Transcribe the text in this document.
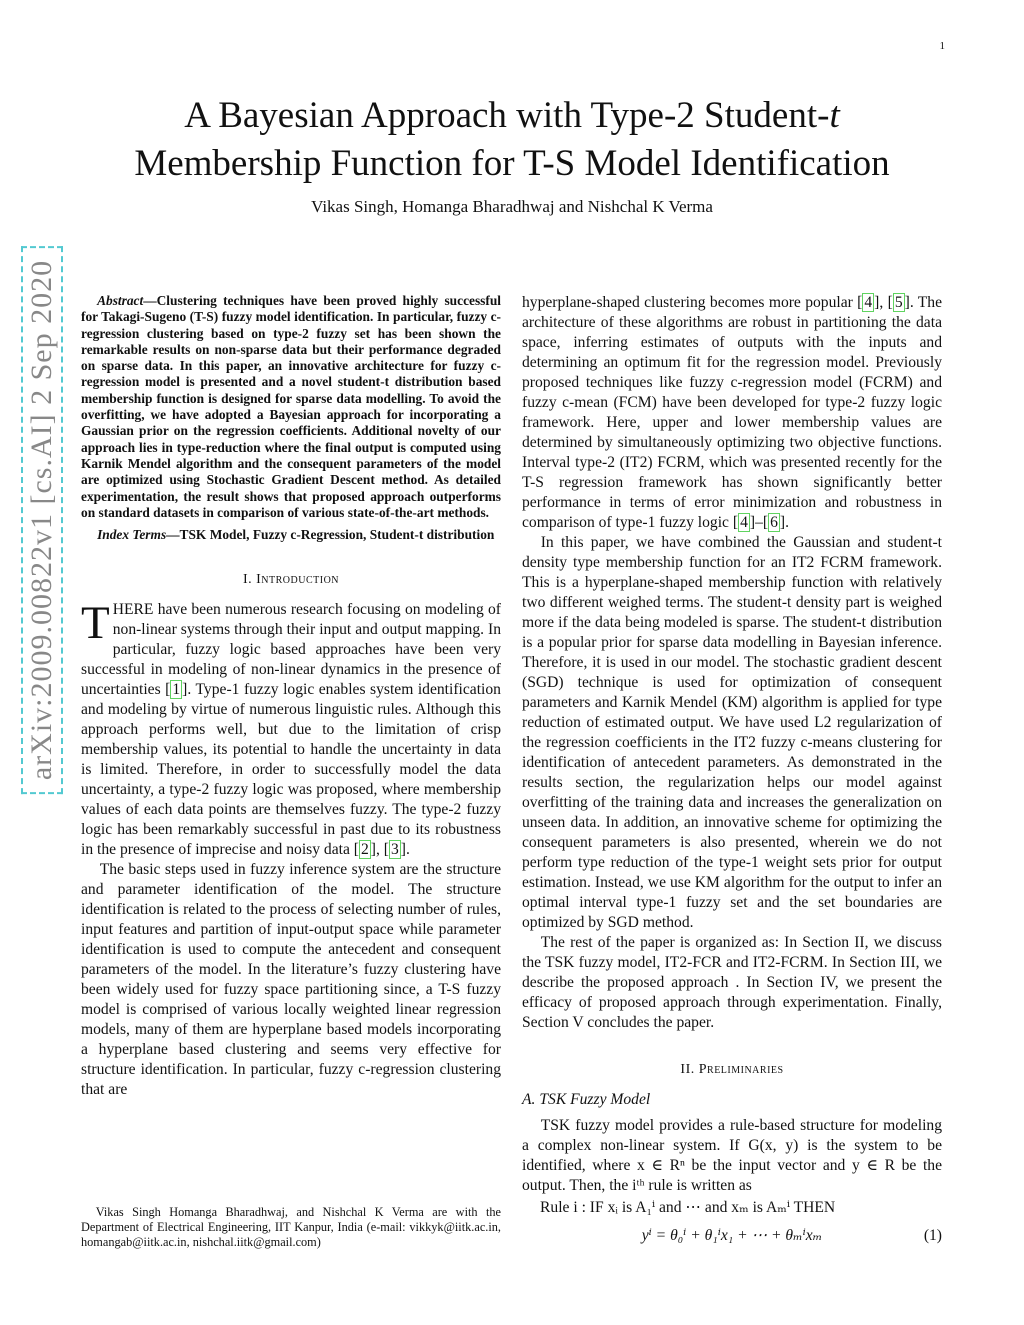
1
arXiv:2009.00822v1 [cs.AI] 2 Sep 2020
A Bayesian Approach with Type-2 Student-t
Membership Function for T-S Model Identification
Vikas Singh, Homanga Bharadhwaj and Nishchal K Verma

Abstract—Clustering techniques have been proved highly successful for Takagi-Sugeno (T-S) fuzzy model identification. In particular, fuzzy c-regression clustering based on type-2 fuzzy set has been shown the remarkable results on non-sparse data but their performance degraded on sparse data. In this paper, an innovative architecture for fuzzy c-regression model is presented and a novel student-t distribution based membership function is designed for sparse data modelling. To avoid the overfitting, we have adopted a Bayesian approach for incorporating a Gaussian prior on the regression coefficients. Additional novelty of our approach lies in type-reduction where the final output is computed using Karnik Mendel algorithm and the consequent parameters of the model are optimized using Stochastic Gradient Descent method. As detailed experimentation, the result shows that proposed approach outperforms on standard datasets in comparison of various state-of-the-art methods.

Index Terms—TSK Model, Fuzzy c-Regression, Student-t distribution

I. Introduction

THERE have been numerous research focusing on modeling of non-linear systems through their input and output mapping. In particular, fuzzy logic based approaches have been very successful in modeling of non-linear dynamics in the presence of uncertainties [ 1 ]. Type-1 fuzzy logic enables system identification and modeling by virtue of numerous linguistic rules. Although this approach performs well, but due to the limitation of crisp membership values, its potential to handle the uncertainty in data is limited. Therefore, in order to successfully model the data uncertainty, a type-2 fuzzy logic was proposed, where membership values of each data points are themselves fuzzy. The type-2 fuzzy logic has been remarkably successful in past due to its robustness in the presence of imprecise and noisy data [ 2 ], [ 3 ].

The basic steps used in fuzzy inference system are the structure and parameter identification of the model. The structure identification is related to the process of selecting number of rules, input features and partition of input-output space while parameter identification is used to compute the antecedent and consequent parameters of the model. In the literature’s fuzzy clustering have been widely used for fuzzy space partitioning since, a T-S fuzzy model is comprised of various locally weighted linear regression models, many of them are hyperplane based models incorporating a hyperplane based clustering and seems very effective for structure identification. In particular, fuzzy c-regression clustering that are

Vikas Singh Homanga Bharadhwaj, and Nishchal K Verma are with the Department of Electrical Engineering, IIT Kanpur, India (e-mail: vikkyk@iitk.ac.in, homangab@iitk.ac.in, nishchal.iitk@gmail.com)

hyperplane-shaped clustering becomes more popular [ 4 ], [ 5 ]. The architecture of these algorithms are robust in partitioning the data space, inferring estimates of outputs with the inputs and determining an optimum fit for the regression model. Previously proposed techniques like fuzzy c-regression model (FCRM) and fuzzy c-mean (FCM) have been developed for type-2 fuzzy logic framework. Here, upper and lower membership values are determined by simultaneously optimizing two objective functions. Interval type-2 (IT2) FCRM, which was presented recently for the T-S regression framework has shown significantly better performance in terms of error minimization and robustness in comparison of type-1 fuzzy logic [ 4 ]–[ 6 ].

In this paper, we have combined the Gaussian and student-t density type membership function for an IT2 FCRM framework. This is a hyperplane-shaped membership function with relatively two different weighed terms. The student-t density part is weighed more if the data being modeled is sparse. The student-t distribution is a popular prior for sparse data modelling in Bayesian inference. Therefore, it is used in our model. The stochastic gradient descent (SGD) technique is used for optimization of consequent parameters and Karnik Mendel (KM) algorithm is applied for type reduction of estimated output. We have used L2 regularization of the regression coefficients in the IT2 fuzzy c-means clustering for identification of antecedent parameters. As demonstrated in the results section, the regularization helps our model against overfitting of the training data and increases the generalization on unseen data. In addition, an innovative scheme for optimizing the consequent parameters is also presented, wherein we do not perform type reduction of the type-1 weight sets prior for output estimation. Instead, we use KM algorithm for the output to infer an optimal interval type-1 fuzzy set and the set boundaries are optimized by SGD method.

The rest of the paper is organized as: In Section II, we discuss the TSK fuzzy model, IT2-FCR and IT2-FCRM. In Section III, we describe the proposed approach . In Section IV, we present the efficacy of proposed approach through experimentation. Finally, Section V concludes the paper.

II. Preliminaries
A. TSK Fuzzy Model

TSK fuzzy model provides a rule-based structure for modeling a complex non-linear system. If G(x, y) is the system to be identified, where x ∈ Rⁿ be the input vector and y ∈ R be the output. Then, the iᵗʰ rule is written as

Rule i : IF xᵢ is A₁ⁱ and ⋯ and xₘ is Aₘⁱ THEN

yⁱ = θ₀ⁱ + θ₁ⁱx₁ + ⋯ + θₘⁱxₘ	(1)
